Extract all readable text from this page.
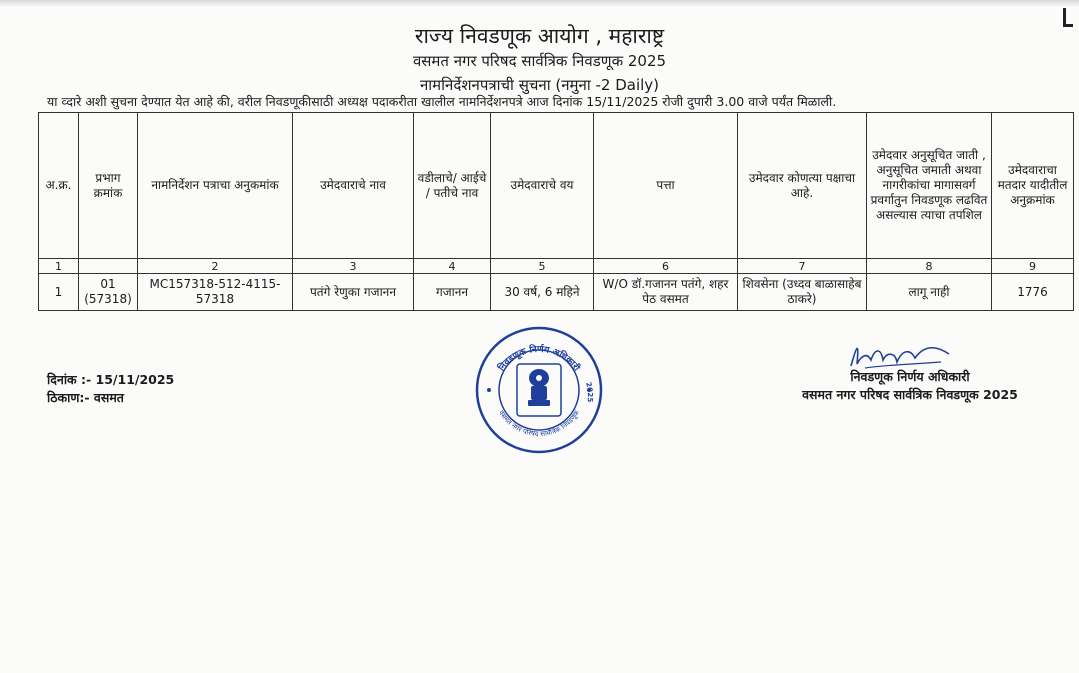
राज्य निवडणूक आयोग , महाराष्ट्र
वसमत नगर परिषद सार्वत्रिक निवडणूक 2025
नामनिर्देशनपत्राची सुचना (नमुना -2 Daily)
या व्दारे अशी सुचना देण्यात येत आहे की, वरील निवडणूकीसाठी अध्यक्ष पदाकरीता खालील नामनिर्देशनपत्रे आज दिनांक 15/11/2025 रोजी दुपारी 3.00 वाजे पर्यंत मिळाली.
अ.क्र.	प्रभाग क्रमांक	नामनिर्देशन पत्राचा अनुकमांक	उमेदवाराचे नाव	वडीलाचे/ आईचे / पतीचे नाव	उमेदवाराचे वय	पत्ता	उमेदवार कोणत्या पक्षाचा आहे.	उमेदवार अनुसूचित जाती , अनुसूचित जमाती अथवा नागरीकांचा मागासवर्ग प्रवर्गातुन निवडणूक लढवित असल्यास त्याचा तपशिल	उमेदवाराचा मतदार यादीतील अनुक्रमांक
1		2	3	4	5	6	7	8	9
1	01 (57318)	MC157318-512-4115-57318	पतंगे रेणुका गजानन	गजानन	30 वर्ष, 6 महिने	W/O डॉ.गजानन पतंगे, शहर पेठ वसमत	शिवसेना (उध्दव बाळासाहेब ठाकरे)	लागू नाही	1776
दिनांक :- 15/11/2025
ठिकाण:- वसमत
निवडणूक निर्णय अधिकारी
वसमत नगर परिषद सार्वत्रिक निवडणूक
2025
निवडणूक निर्णय अधिकारी
वसमत नगर परिषद सार्वत्रिक निवडणूक 2025
